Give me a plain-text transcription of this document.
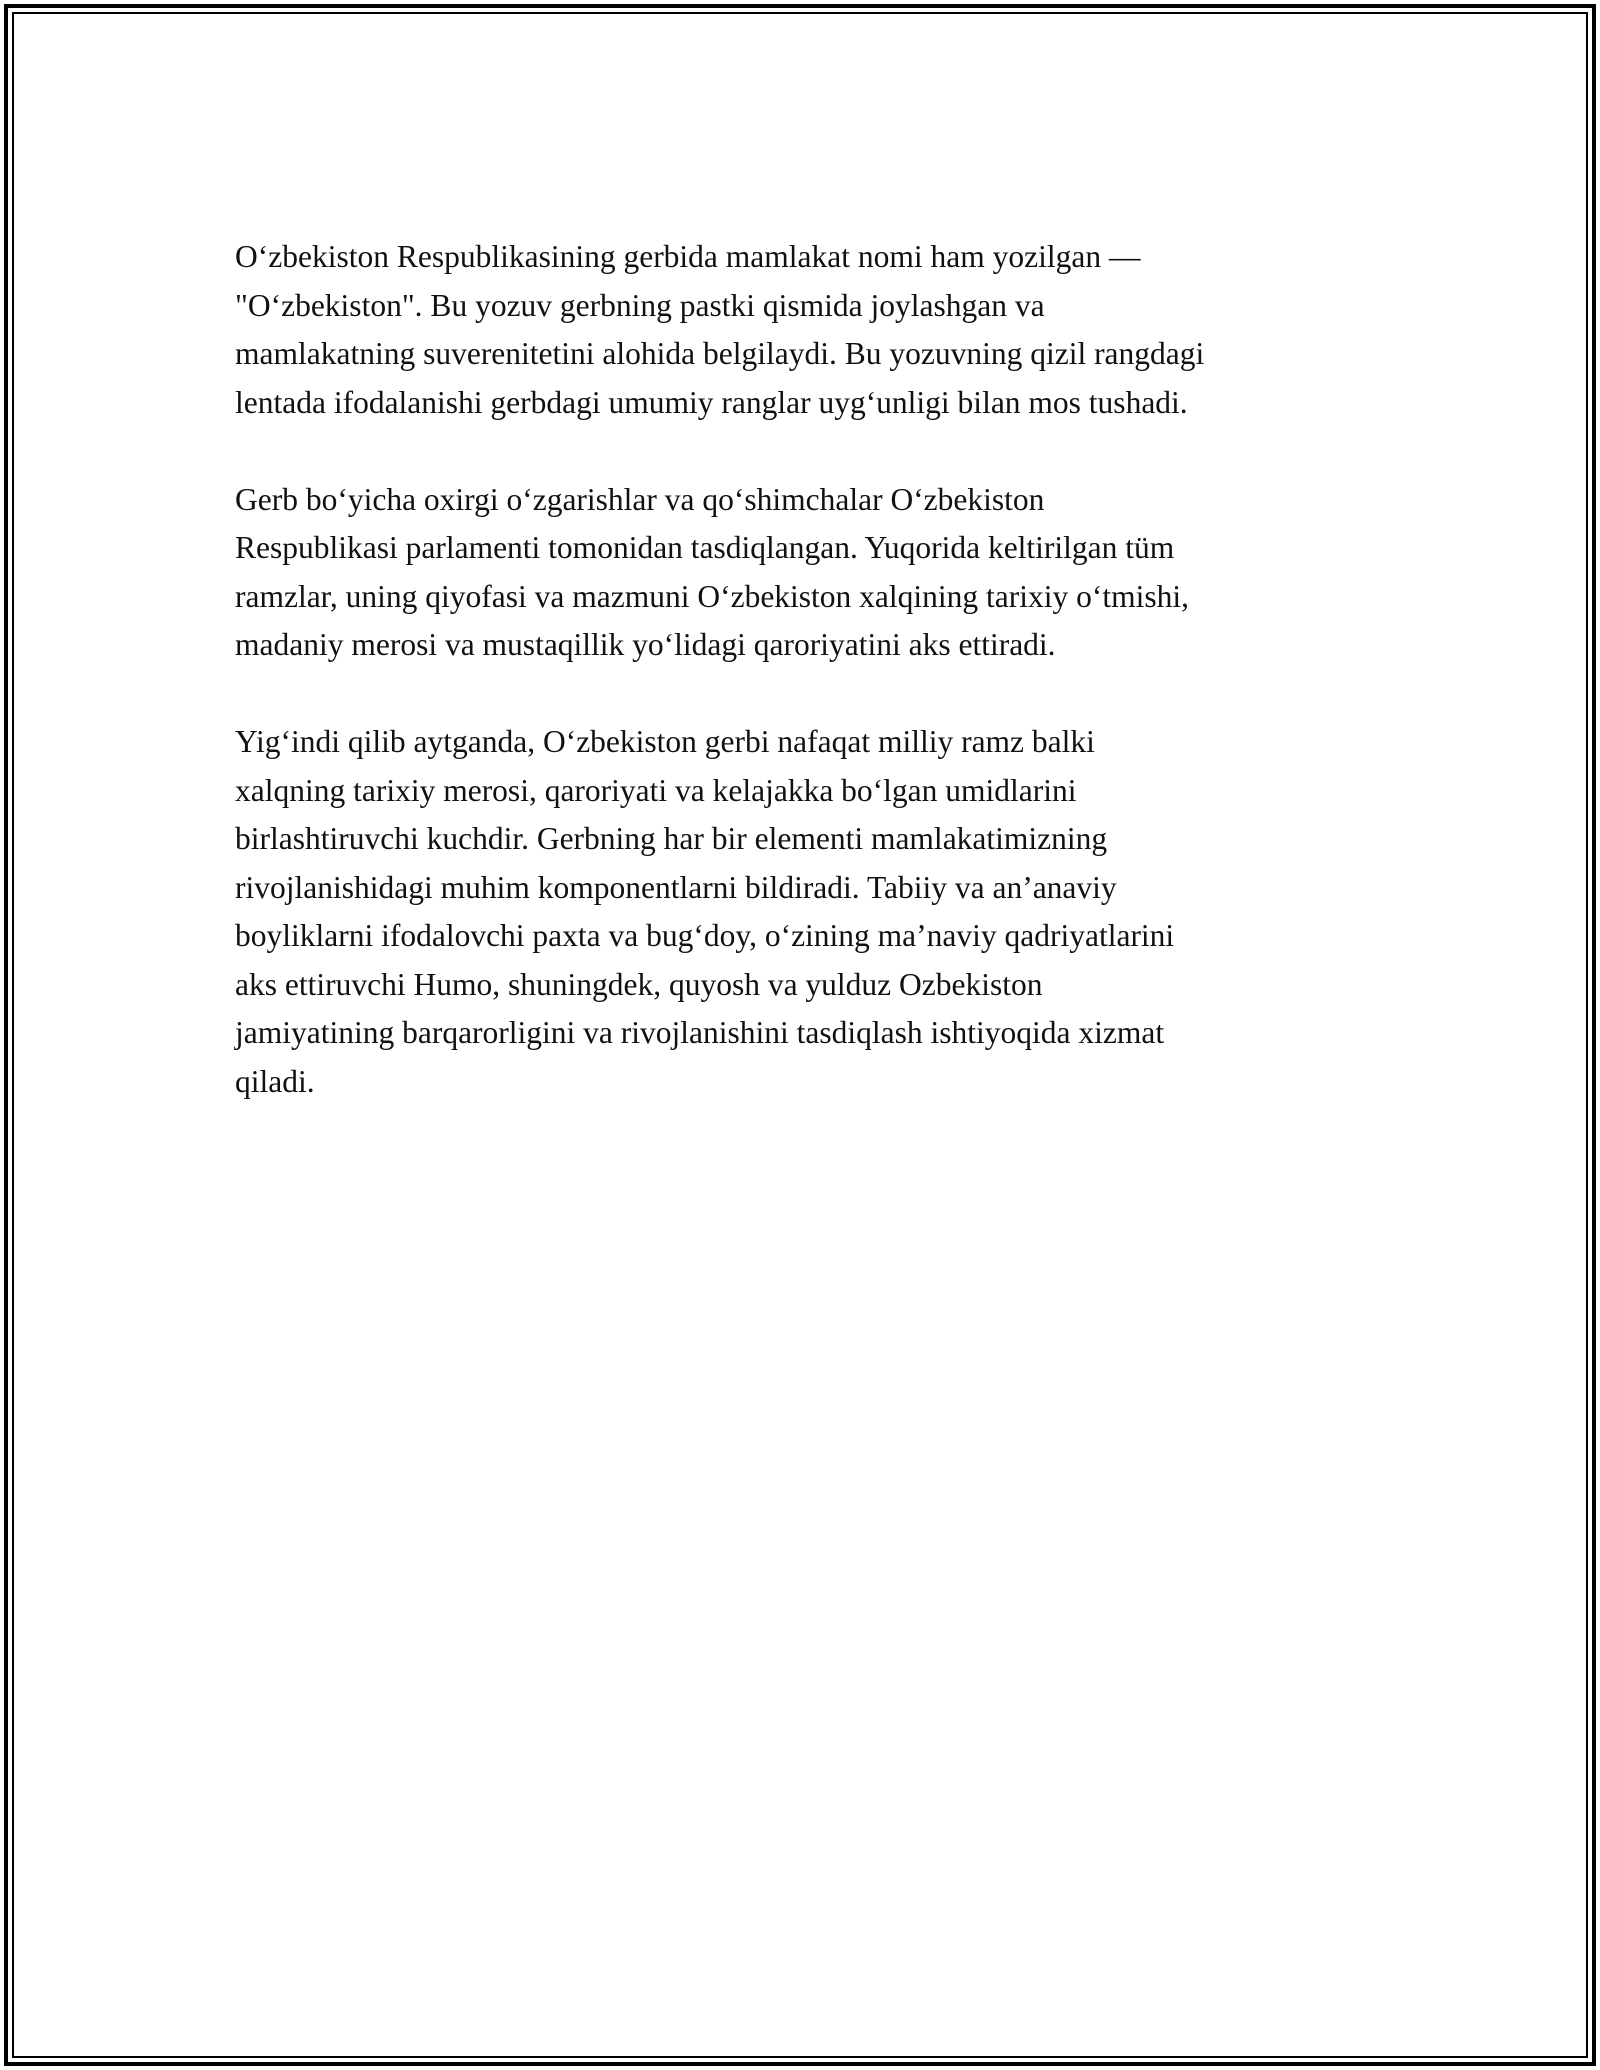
O‘zbekiston Respublikasining gerbida mamlakat nomi ham yozilgan —
"O‘zbekiston". Bu yozuv gerbning pastki qismida joylashgan va
mamlakatning suverenitetini alohida belgilaydi. Bu yozuvning qizil rangdagi
lentada ifodalanishi gerbdagi umumiy ranglar uyg‘unligi bilan mos tushadi.

Gerb bo‘yicha oxirgi o‘zgarishlar va qo‘shimchalar O‘zbekiston
Respublikasi parlamenti tomonidan tasdiqlangan. Yuqorida keltirilgan tüm
ramzlar, uning qiyofasi va mazmuni O‘zbekiston xalqining tarixiy o‘tmishi,
madaniy merosi va mustaqillik yo‘lidagi qaroriyatini aks ettiradi.

Yig‘indi qilib aytganda, O‘zbekiston gerbi nafaqat milliy ramz balki
xalqning tarixiy merosi, qaroriyati va kelajakka bo‘lgan umidlarini
birlashtiruvchi kuchdir. Gerbning har bir elementi mamlakatimizning
rivojlanishidagi muhim komponentlarni bildiradi. Tabiiy va an’anaviy
boyliklarni ifodalovchi paxta va bug‘doy, o‘zining ma’naviy qadriyatlarini
aks ettiruvchi Humo, shuningdek, quyosh va yulduz Ozbekiston
jamiyatining barqarorligini va rivojlanishini tasdiqlash ishtiyoqida xizmat
qiladi.
